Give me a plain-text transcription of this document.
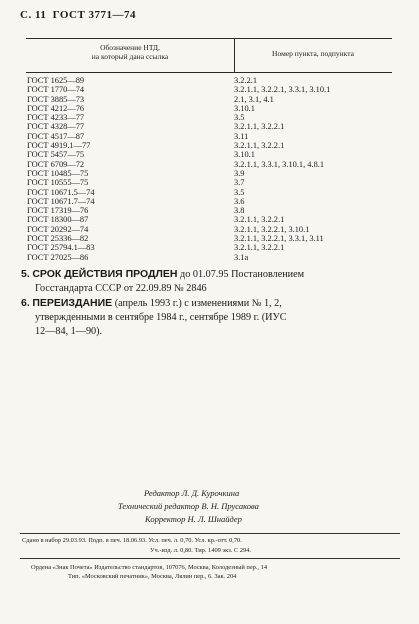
С. 11 ГОСТ 3771—74
Обозначение НТД,
на который дана ссылка	Номер пункта, подпункта
ГОСТ 1625—89	3.2.2.1
ГОСТ 1770—74	3.2.1.1, 3.2.2.1, 3.3.1, 3.10.1
ГОСТ 3885—73	2.1, 3.1, 4.1
ГОСТ 4212—76	3.10.1
ГОСТ 4233—77	3.5
ГОСТ 4328—77	3.2.1.1, 3.2.2.1
ГОСТ 4517—87	3.11
ГОСТ 4919.1—77	3.2.1.1, 3.2.2.1
ГОСТ 5457—75	3.10.1
ГОСТ 6709—72	3.2.1.1, 3.3.1, 3.10.1, 4.8.1
ГОСТ 10485—75	3.9
ГОСТ 10555—75	3.7
ГОСТ 10671.5—74	3.5
ГОСТ 10671.7—74	3.6
ГОСТ 17319—76	3.8
ГОСТ 18300—87	3.2.1.1, 3.2.2.1
ГОСТ 20292—74	3.2.1.1, 3.2.2.1, 3.10.1
ГОСТ 25336—82	3.2.1.1, 3.2.2.1, 3.3.1, 3.11
ГОСТ 25794.1—83	3.2.1.1, 3.2.2.1
ГОСТ 27025—86	3.1а
5. СРОК ДЕЙСТВИЯ ПРОДЛЕН до 01.07.95 Постановлением
Госстандарта СССР от 22.09.89 № 2846
6. ПЕРЕИЗДАНИЕ (апрель 1993 г.) с изменениями № 1, 2,
утвержденными в сентябре 1984 г., сентябре 1989 г. (ИУС
12—84, 1—90).
Редактор Л. Д. Курочкина
Технический редактор В. Н. Прусакова
Корректор Н. Л. Шнайдер
Сдано в набор 29.03.93. Подп. в печ. 18.06.93. Усл. печ. л. 0,70. Усл. кр.-отт. 0,70.
Уч.-изд. л. 0,80. Тир. 1409 экз. С 294.
Ордена «Знак Почета» Издательство стандартов, 107076, Москва, Колодезный пер., 14
Тип. «Московский печатник», Москва, Лялин пер., 6. Зак. 204
